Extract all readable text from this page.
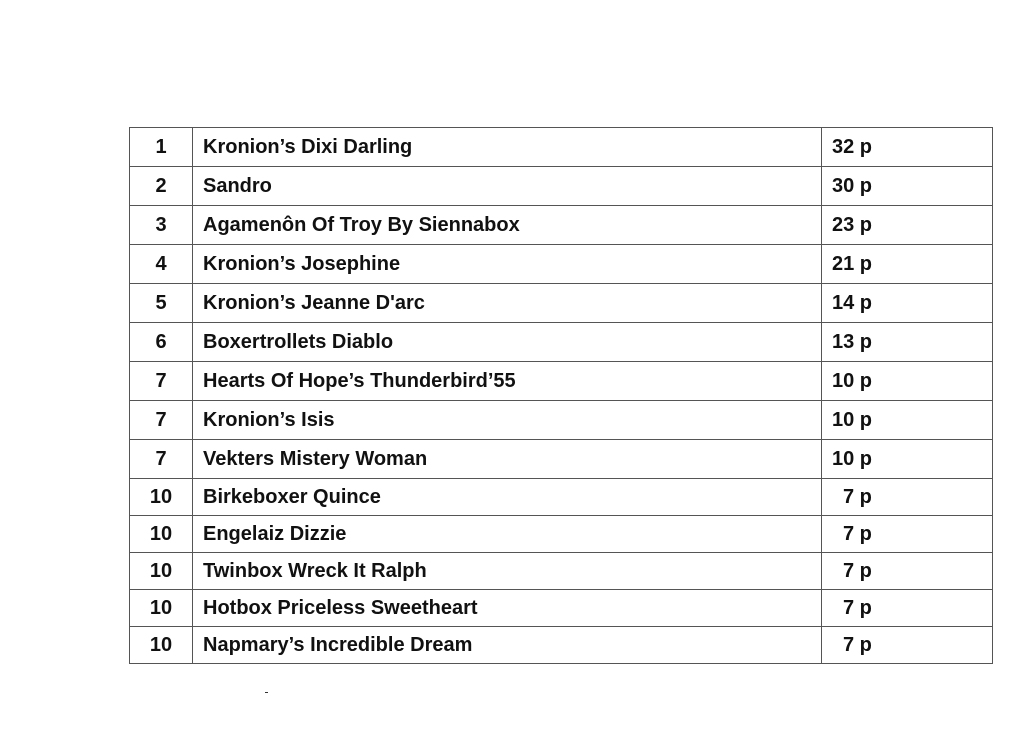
1	Kronion’s Dixi Darling	32 p
2	Sandro	30 p
3	Agamenôn Of Troy By Siennabox	23 p
4	Kronion’s Josephine	21 p
5	Kronion’s Jeanne D'arc	14 p
6	Boxertrollets Diablo	13 p
7	Hearts Of Hope’s Thunderbird’55	10 p
7	Kronion’s Isis	10 p
7	Vekters Mistery Woman	10 p
10	Birkeboxer Quince	7 p
10	Engelaiz Dizzie	7 p
10	Twinbox Wreck It Ralph	7 p
10	Hotbox Priceless Sweetheart	7 p
10	Napmary’s Incredible Dream	7 p
